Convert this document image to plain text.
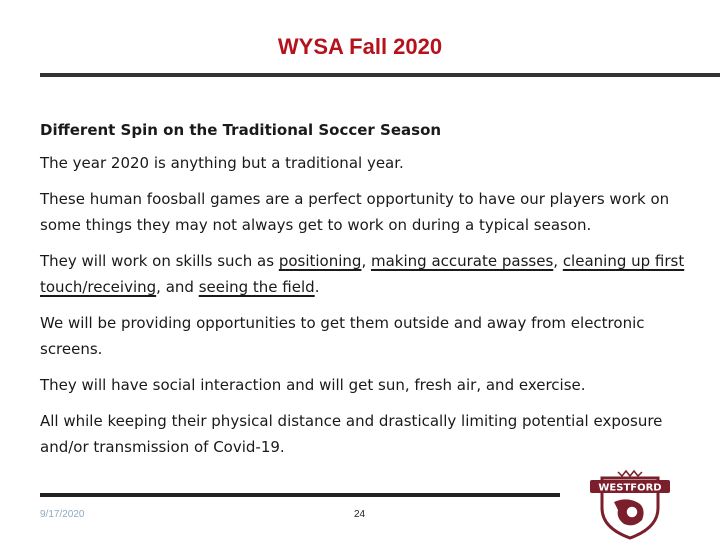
WYSA Fall 2020

Different Spin on the Traditional Soccer Season

The year 2020 is anything but a traditional year.

These human foosball games are a perfect opportunity to have our players work on some things they may not always get to work on during a typical season.

They will work on skills such as positioning, making accurate passes, cleaning up first touch/receiving, and seeing the field.

We will be providing opportunities to get them outside and away from electronic screens.

They will have social interaction and will get sun, fresh air, and exercise.

All while keeping their physical distance and drastically limiting potential exposure and/or transmission of Covid-19.

9/17/2020	24
WESTFORD
